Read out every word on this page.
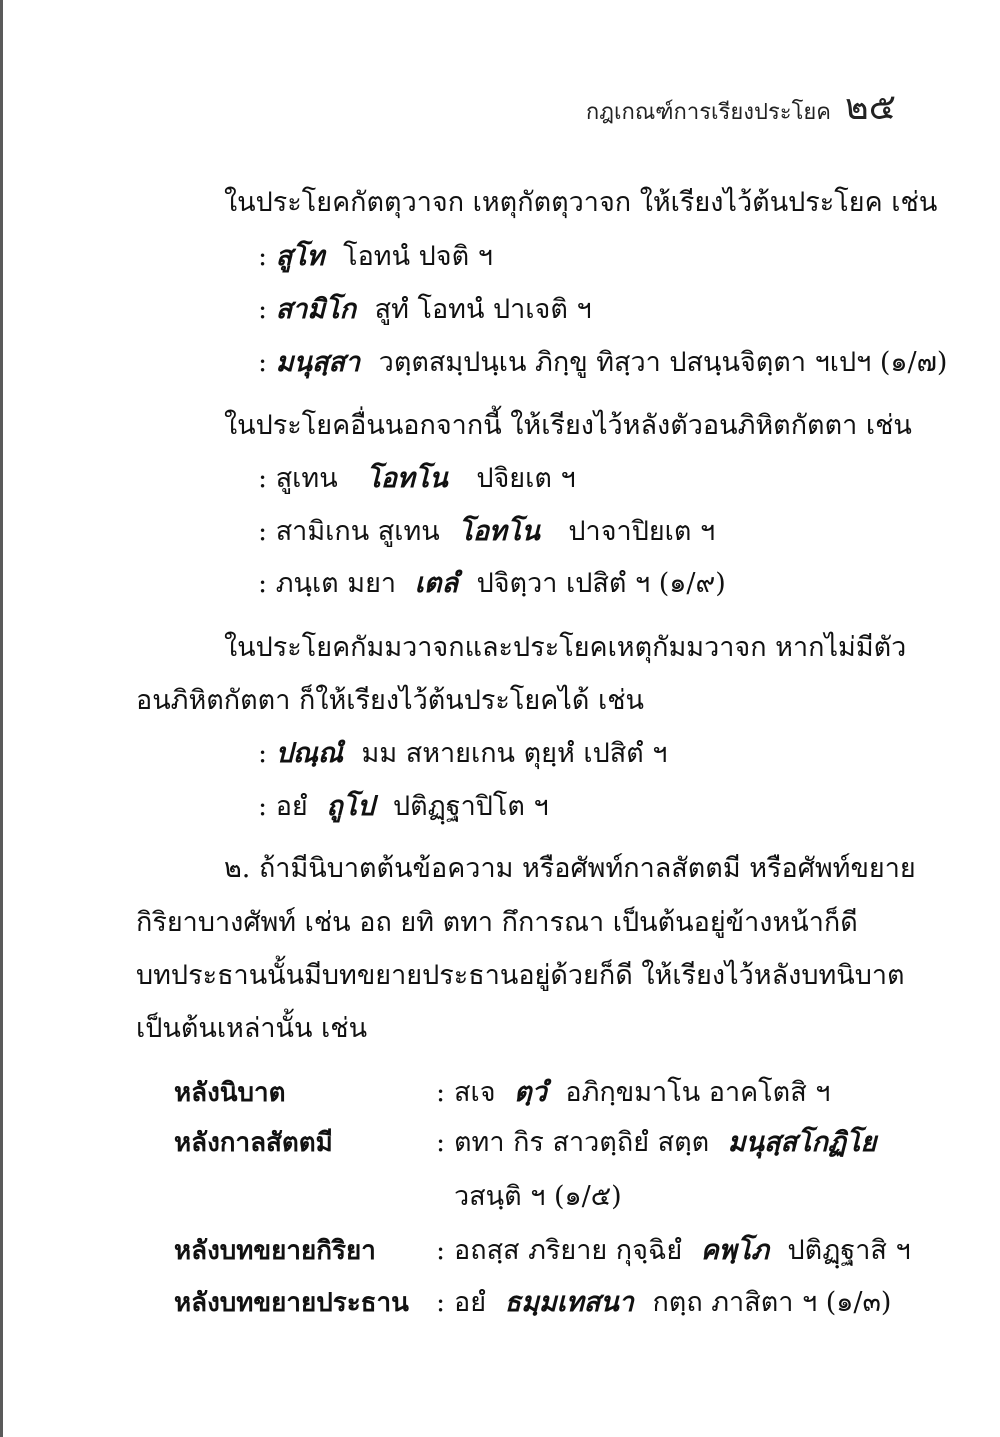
กฎเกณฑ์การเรียงประโยค ๒๕
ในประโยคกัตตุวาจก เหตุกัตตุวาจก ให้เรียงไว้ต้นประโยค เช่น
: สูโท โอทนํ ปจติ ฯ
: สามิโก สูทํ โอทนํ ปาเจติ ฯ
: มนุสฺสา วตฺตสมฺปนฺเน ภิกฺขู ทิสฺวา ปสนฺนจิตฺตา ฯเปฯ (๑/๗)
ในประโยคอื่นนอกจากนี้ ให้เรียงไว้หลังตัวอนภิหิตกัตตา เช่น
: สูเทน โอทโน ปจิยเต ฯ
: สามิเกน สูเทน โอทโน ปาจาปิยเต ฯ
: ภนฺเต มยา เตลํ ปจิตฺวา เปสิตํ ฯ (๑/๙)
ในประโยคกัมมวาจกและประโยคเหตุกัมมวาจก หากไม่มีตัว
อนภิหิตกัตตา ก็ให้เรียงไว้ต้นประโยคได้ เช่น
: ปณฺณํ มม สหายเกน ตุยฺหํ เปสิตํ ฯ
: อยํ ถูโป ปติฏฺฐาปิโต ฯ
๒. ถ้ามีนิบาตต้นข้อความ หรือศัพท์กาลสัตตมี หรือศัพท์ขยาย
กิริยาบางศัพท์ เช่น อถ ยทิ ตทา กึการณา เป็นต้นอยู่ข้างหน้าก็ดี
บทประธานนั้นมีบทขยายประธานอยู่ด้วยก็ดี ให้เรียงไว้หลังบทนิบาต
เป็นต้นเหล่านั้น เช่น
หลังนิบาต	: สเจ ตฺวํ อภิกฺขมาโน อาคโตสิ ฯ
หลังกาลสัตตมี	: ตทา กิร สาวตฺถิยํ สตฺต มนุสฺสโกฏิโย
วสนฺติ ฯ (๑/๕)
หลังบทขยายกิริยา : อถสฺส ภริยาย กุจฺฉิยํ คพฺโภ ปติฏฺฐาสิ ฯ
หลังบทขยายประธาน : อยํ ธมฺมเทสนา กตฺถ ภาสิตา ฯ (๑/๓)
